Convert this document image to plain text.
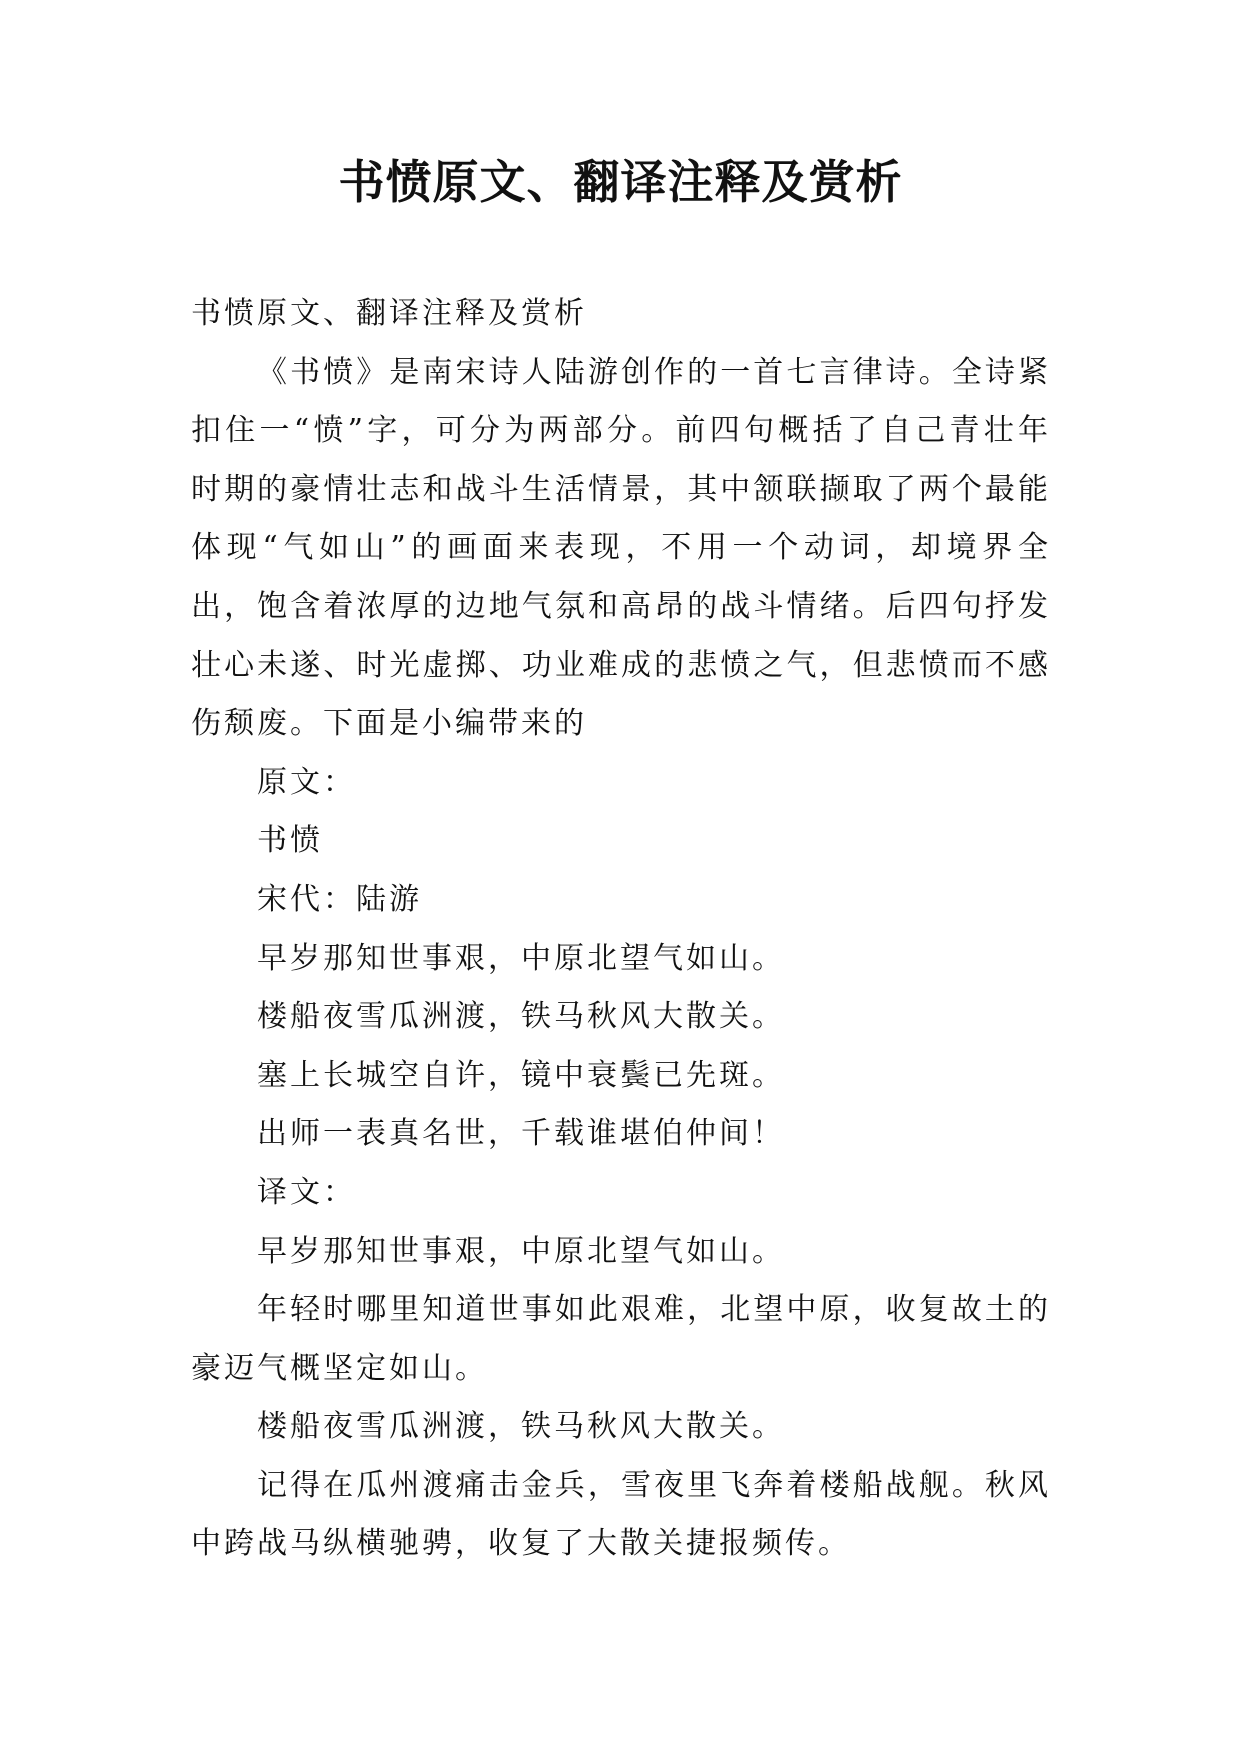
书愤原文、翻译注释及赏析

书愤原文、翻译注释及赏析

《书愤》是南宋诗人陆游创作的一首七言律诗。全诗紧扣住一“愤”字，可分为两部分。前四句概括了自己青壮年时期的豪情壮志和战斗生活情景，其中颔联撷取了两个最能体现“气如山”的画面来表现，不用一个动词，却境界全出，饱含着浓厚的边地气氛和高昂的战斗情绪。后四句抒发壮心未遂、时光虚掷、功业难成的悲愤之气，但悲愤而不感伤颓废。下面是小编带来的

原文：

书愤

宋代：陆游

早岁那知世事艰，中原北望气如山。

楼船夜雪瓜洲渡，铁马秋风大散关。

塞上长城空自许，镜中衰鬓已先斑。

出师一表真名世，千载谁堪伯仲间！

译文：

早岁那知世事艰，中原北望气如山。

年轻时哪里知道世事如此艰难，北望中原，收复故土的豪迈气概坚定如山。

楼船夜雪瓜洲渡，铁马秋风大散关。

记得在瓜州渡痛击金兵，雪夜里飞奔着楼船战舰。秋风中跨战马纵横驰骋，收复了大散关捷报频传。
